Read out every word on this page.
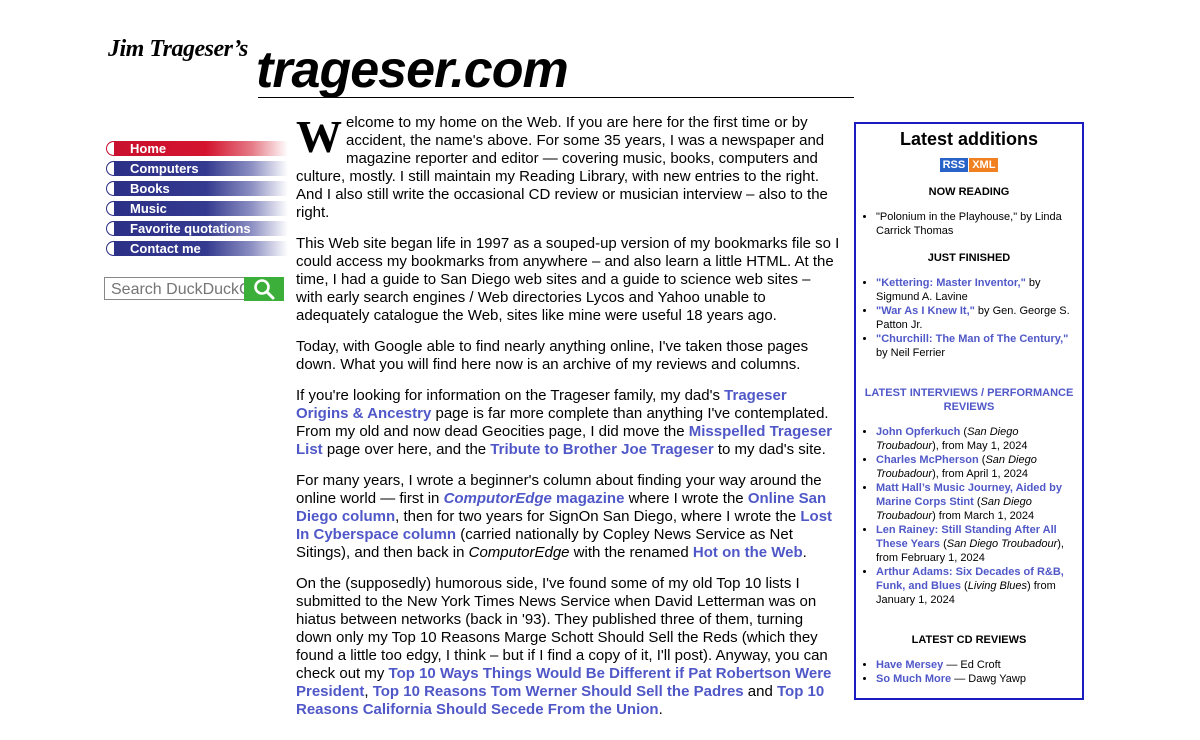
Jim Trageser’s trageser.com
Home
Computers
Books
Music
Favorite quotations
Contact me
Search DuckDuckGo

Welcome to my home on the Web. If you are here for the first time or by accident, the name's above. For some 35 years, I was a newspaper and magazine reporter and editor — covering music, books, computers and culture, mostly. I still maintain my Reading Library, with new entries to the right. And I also still write the occasional CD review or musician interview – also to the right.

This Web site began life in 1997 as a souped-up version of my bookmarks file so I could access my bookmarks from anywhere – and also learn a little HTML. At the time, I had a guide to San Diego web sites and a guide to science web sites – with early search engines / Web directories Lycos and Yahoo unable to adequately catalogue the Web, sites like mine were useful 18 years ago.

Today, with Google able to find nearly anything online, I've taken those pages down. What you will find here now is an archive of my reviews and columns.

If you're looking for information on the Trageser family, my dad's Trageser Origins & Ancestry page is far more complete than anything I've contemplated. From my old and now dead Geocities page, I did move the Misspelled Trageser List page over here, and the Tribute to Brother Joe Trageser to my dad's site.

For many years, I wrote a beginner's column about finding your way around the online world — first in ComputorEdge magazine where I wrote the Online San Diego column, then for two years for SignOn San Diego, where I wrote the Lost In Cyberspace column (carried nationally by Copley News Service as Net Sitings), and then back in ComputorEdge with the renamed Hot on the Web.

On the (supposedly) humorous side, I've found some of my old Top 10 lists I submitted to the New York Times News Service when David Letterman was on hiatus between networks (back in '93). They published three of them, turning down only my Top 10 Reasons Marge Schott Should Sell the Reds (which they found a little too edgy, I think – but if I find a copy of it, I'll post). Anyway, you can check out my Top 10 Ways Things Would Be Different if Pat Robertson Were President, Top 10 Reasons Tom Werner Should Sell the Padres and Top 10 Reasons California Should Secede From the Union.

Latest additions
RSS XML
NOW READING
• "Polonium in the Playhouse," by Linda Carrick Thomas
JUST FINISHED
• "Kettering: Master Inventor," by Sigmund A. Lavine
• "War As I Knew It," by Gen. George S. Patton Jr.
• "Churchill: The Man of The Century," by Neil Ferrier
LATEST INTERVIEWS / PERFORMANCE REVIEWS
• John Opferkuch (San Diego Troubadour), from May 1, 2024
• Charles McPherson (San Diego Troubadour), from April 1, 2024
• Matt Hall’s Music Journey, Aided by Marine Corps Stint (San Diego Troubadour) from March 1, 2024
• Len Rainey: Still Standing After All These Years (San Diego Troubadour), from February 1, 2024
• Arthur Adams: Six Decades of R&B, Funk, and Blues (Living Blues) from January 1, 2024
LATEST CD REVIEWS
• Have Mersey — Ed Croft
• So Much More — Dawg Yawp
